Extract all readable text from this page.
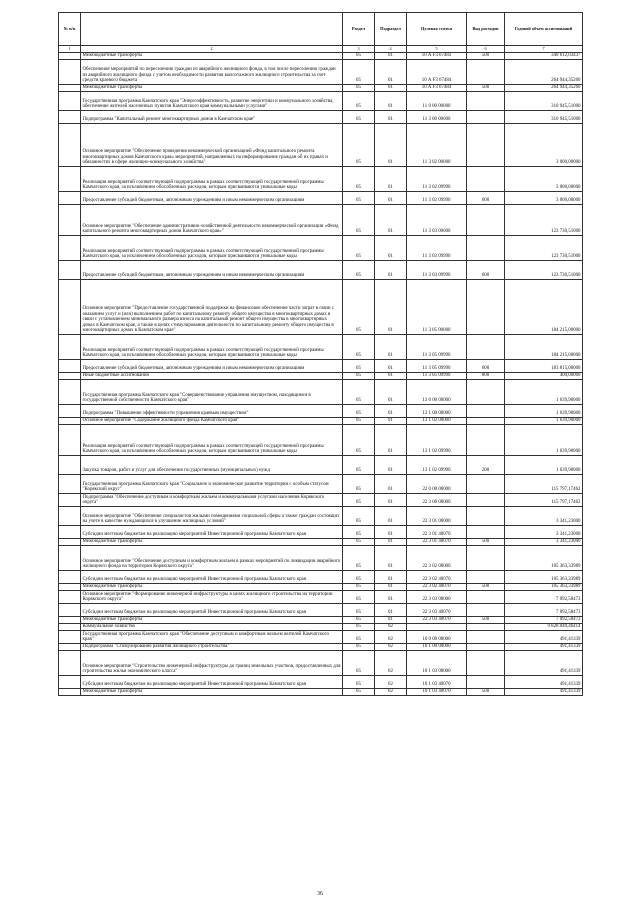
№ п/п		Раздел	Подраздел	Целевая статья	Вид расходов	Годовой объем ассигнований
1	2	3	4	5	6	7
	Межбюджетные трансферты	05	01	10 А F3 67483	500	340 612,03437
	Обеспечение мероприятий по переселению граждан из аварийного жилищного фонда, в том числе переселению граждан из аварийного жилищного фонда с учетом необходимости развития малоэтажного жилищного строительства за счет средств краевого бюджета	05	01	10 А F3 67484		264 944,35260
	Межбюджетные трансферты	05	01	10 А F3 67484	500	264 944,35260
	Государственная программа Камчатского края "Энергоэффективность, развитие энергетики и коммунального хозяйства, обеспечение жителей населенных пунктов Камчатского края коммунальными услугами"	05	01	11 0 00 00000		310 945,51000
	Подпрограмма "Капитальный ремонт многоквартирных домов в Камчатском крае"	05	01	11 3 00 00000		310 945,51000
	Основное мероприятие "Обеспечение проведения некоммерческой организацией «Фонд капитального ремонта многоквартирных домов Камчатского края» мероприятий, направленных на информирование граждан об их правах и обязанностях в сфере жилищно-коммунального хозяйства"	05	01	11 3 02 00000		3 000,00000
	Реализация мероприятий соответствующей подпрограммы в рамках соответствующей государственной программы Камчатского края, за исключением обособленных расходов, которым присваиваются уникальные коды	05	01	11 3 02 09990		3 000,00000
	Предоставление субсидий бюджетным, автономным учреждениям и иным некоммерческим организациям	05	01	11 3 02 09990	600	3 000,00000
	Основное мероприятие "Обеспечение административно-хозяйственной деятельности некоммерческой организации «Фонд капитального ремонта многоквартирных домов Камчатского края»"	05	01	11 3 03 00000		123 730,51000
	Реализация мероприятий соответствующей подпрограммы в рамках соответствующей государственной программы Камчатского края, за исключением обособленных расходов, которым присваиваются уникальные коды	05	01	11 3 03 09990		123 730,51000
	Предоставление субсидий бюджетным, автономным учреждениям и иным некоммерческим организациям	05	01	11 3 03 09990	600	123 730,51000
	Основное мероприятие "Предоставление государственной поддержки на финансовое обеспечение части затрат в связи с оказанием услуг и (или) выполнением работ по капитальному ремонту общего имущества в многоквартирных домах в связи с установлением минимального размера взноса на капитальный ремонт общего имущества в многоквартирных домах в Камчатском крае, а также в целях стимулирования деятельности по капитальному ремонту общего имущества в многоквартирных домах в Камчатском крае"	05	01	11 3 05 00000		184 215,00000
	Реализация мероприятий соответствующей подпрограммы в рамках соответствующей государственной программы Камчатского края, за исключением обособленных расходов, которым присваиваются уникальные коды	05	01	11 3 05 09990		184 215,00000
	Предоставление субсидий бюджетным, автономным учреждениям и иным некоммерческим организациям	05	01	11 3 05 09990	600	183 815,00000
	Иные бюджетные ассигнования	05	01	11 3 05 09990	800	400,00000
	Государственная программа Камчатского края "Совершенствование управления имуществом, находящимся в государственной собственности Камчатского края"	05	01	13 0 00 00000		1 639,90000
	Подпрограмма "Повышение эффективности управления краевым имуществом"	05	01	13 1 00 00000		1 639,90000
	Основное мероприятие "Содержание жилищного фонда Камчатского края"	05	01	13 1 02 00000		1 639,90000
	Реализация мероприятий соответствующей подпрограммы в рамках соответствующей государственной программы Камчатского края, за исключением обособленных расходов, которым присваиваются уникальные коды	05	01	13 1 02 09990		1 639,90000
	Закупка товаров, работ и услуг для обеспечения государственных (муниципальных) нужд	05	01	13 1 02 09990	200	1 639,90000
	Государственная программа Камчатского края "Социальное и экономическое развитие территории с особым статусом "Корякский округ"	05	01	22 0 00 00000		115 797,17462
	Подпрограмма "Обеспечение доступным и комфортным жильем и коммунальными услугами населения Корякского округа"	05	01	22 3 00 00000		115 797,17462
	Основное мероприятие "Обеспечение специалистов жилыми помещениями социальной сферы а также граждан состоящих на учете в качестве нуждающихся в улучшение жилищных условий"	05	01	22 3 01 00000		3 341,23000
	Субсидии местным бюджетам на реализацию мероприятий Инвестиционной программы Камчатского края	05	01	22 3 01 40070		3 341,23000
	Межбюджетные трансферты	05	01	22 3 01 40070	500	3 341,23000
	Основное мероприятие "Обеспечение доступным и комфортным жильем в рамках мероприятий по ликвидации аварийного жилищного фонда на территории Корякского округа"	05	01	22 3 02 00000		105 363,33989
	Субсидии местным бюджетам на реализацию мероприятий Инвестиционной программы Камчатского края	05	01	22 3 02 40070		105 363,33989
	Межбюджетные трансферты	05	01	22 3 02 40070	500	105 363,33989
	Основное мероприятие "Формирование инженерной инфраструктуры в целях жилищного строительства на территории Корякского округа"	05	01	22 3 03 00000		7 092,58473
	Субсидии местным бюджетам на реализацию мероприятий Инвестиционной программы Камчатского края	05	01	22 3 03 40070		7 092,58473
	Межбюджетные трансферты	05	01	22 3 03 40070	500	7 092,58473
	Коммунальное хозяйство	05	02			9 828 040,46414
	Государственная программа Камчатского края "Обеспечение доступным и комфортным жильем жителей Камчатского края"	05	02	10 0 00 00000		491,41339
	Подпрограмма "Стимулирование развития жилищного строительства"	05	02	10 1 00 00000		491,41339
	Основное мероприятие "Строительство инженерной инфраструктуры до границ земельных участков, предоставленных для строительства жилья экономического класса"	05	02	10 1 03 00000		491,41339
	Субсидии местным бюджетам на реализацию мероприятий Инвестиционной программы Камчатского края	05	02	10 1 03 40070		491,41339
	Межбюджетные трансферты	05	02	10 1 03 40070	500	491,41339
36
